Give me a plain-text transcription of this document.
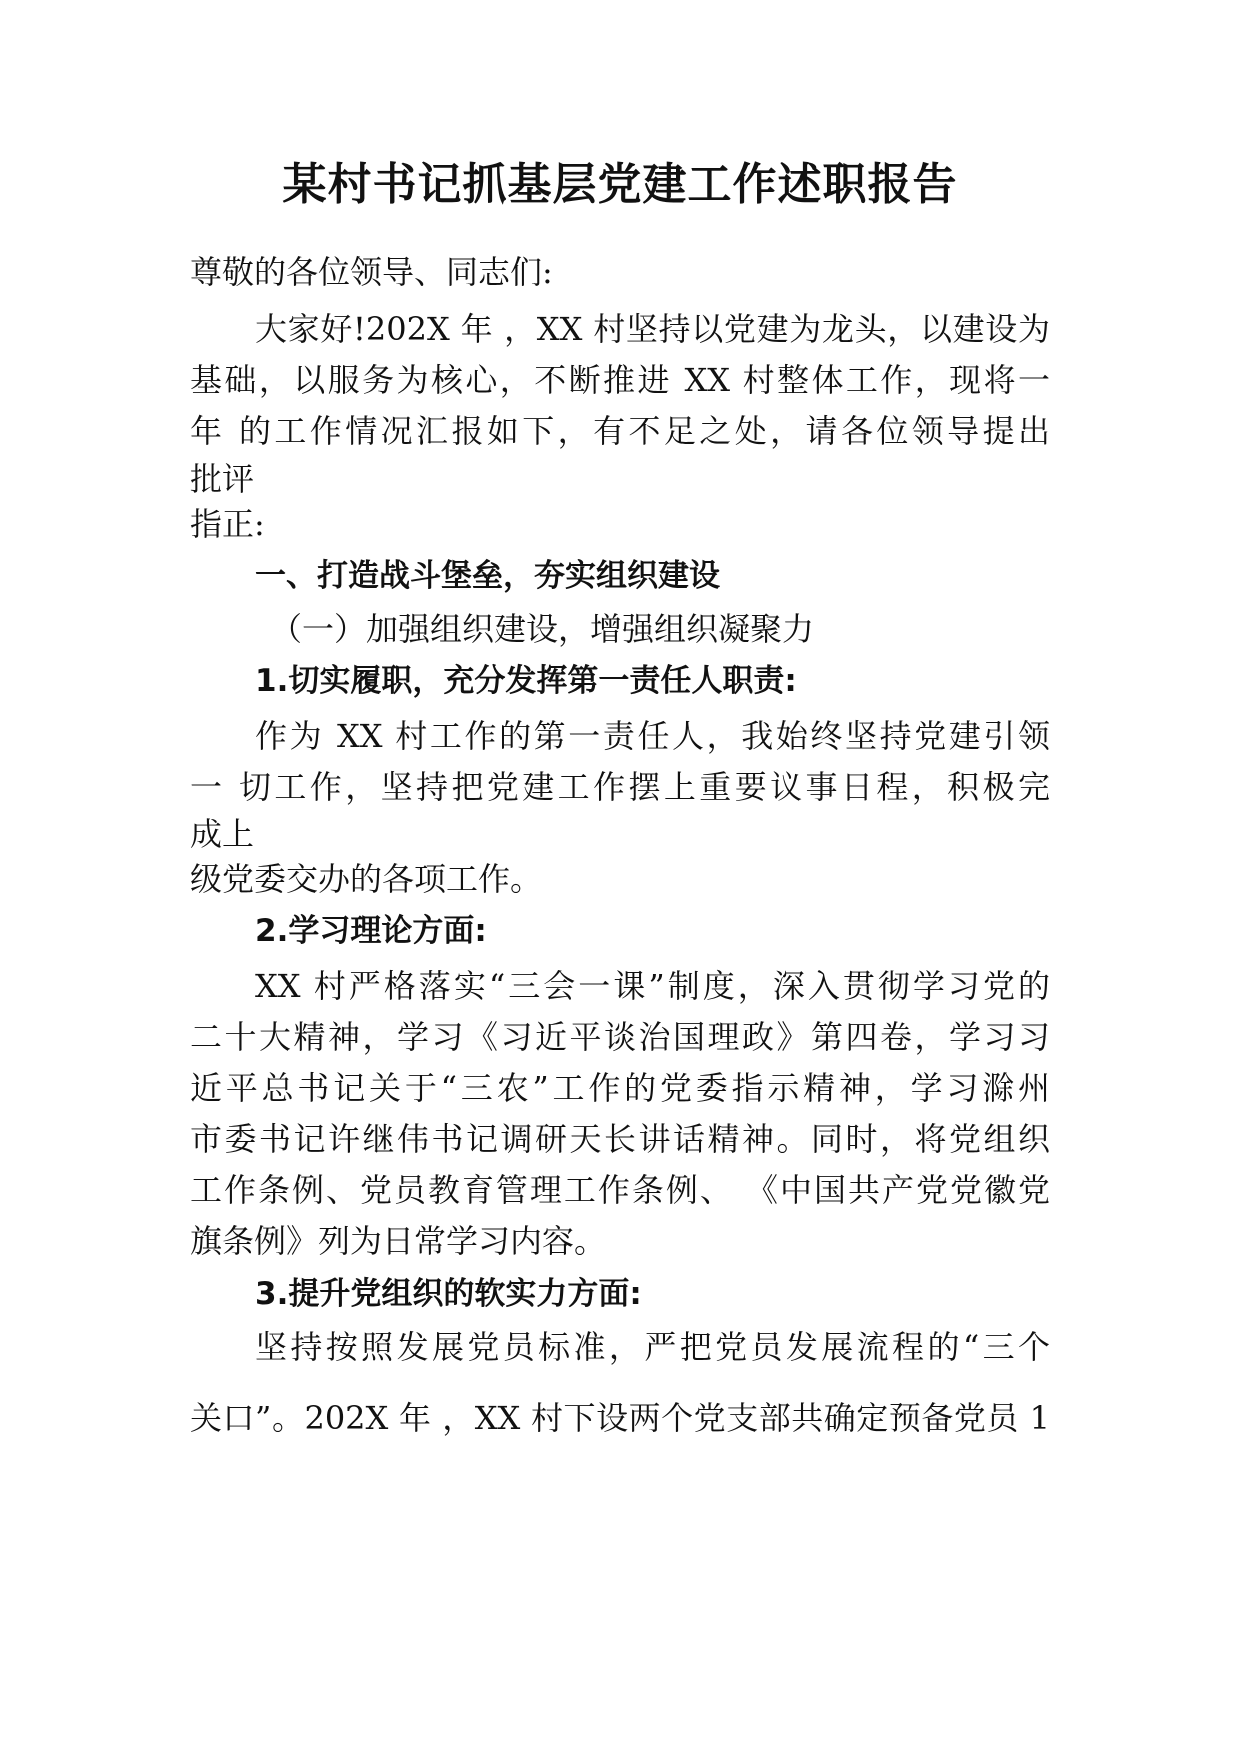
某村书记抓基层党建工作述职报告
尊敬的各位领导、同志们:
大家好!202X 年 ，XX 村坚持以党建为龙头，以建设为
基础，以服务为核心，不断推进 XX 村整体工作，现将一
年 的工作情况汇报如下，有不足之处，请各位领导提出
批评
指正:
一、打造战斗堡垒，夯实组织建设
（一）加强组织建设，增强组织凝聚力
1.切实履职，充分发挥第一责任人职责:
作为 XX 村工作的第一责任人，我始终坚持党建引领
一 切工作，坚持把党建工作摆上重要议事日程，积极完
成上
级党委交办的各项工作。
2.学习理论方面:
XX 村严格落实“三会一课”制度，深入贯彻学习党的
二十大精神，学习《习近平谈治国理政》第四卷，学习习
近平总书记关于“三农”工作的党委指示精神，学习滁州
市委书记许继伟书记调研天长讲话精神。同时，将党组织
工作条例、党员教育管理工作条例、 《中国共产党党徽党
旗条例》列为日常学习内容。
3.提升党组织的软实力方面:
坚持按照发展党员标准，严把党员发展流程的“三个
关口”。202X 年 ，XX 村下设两个党支部共确定预备党员 1
